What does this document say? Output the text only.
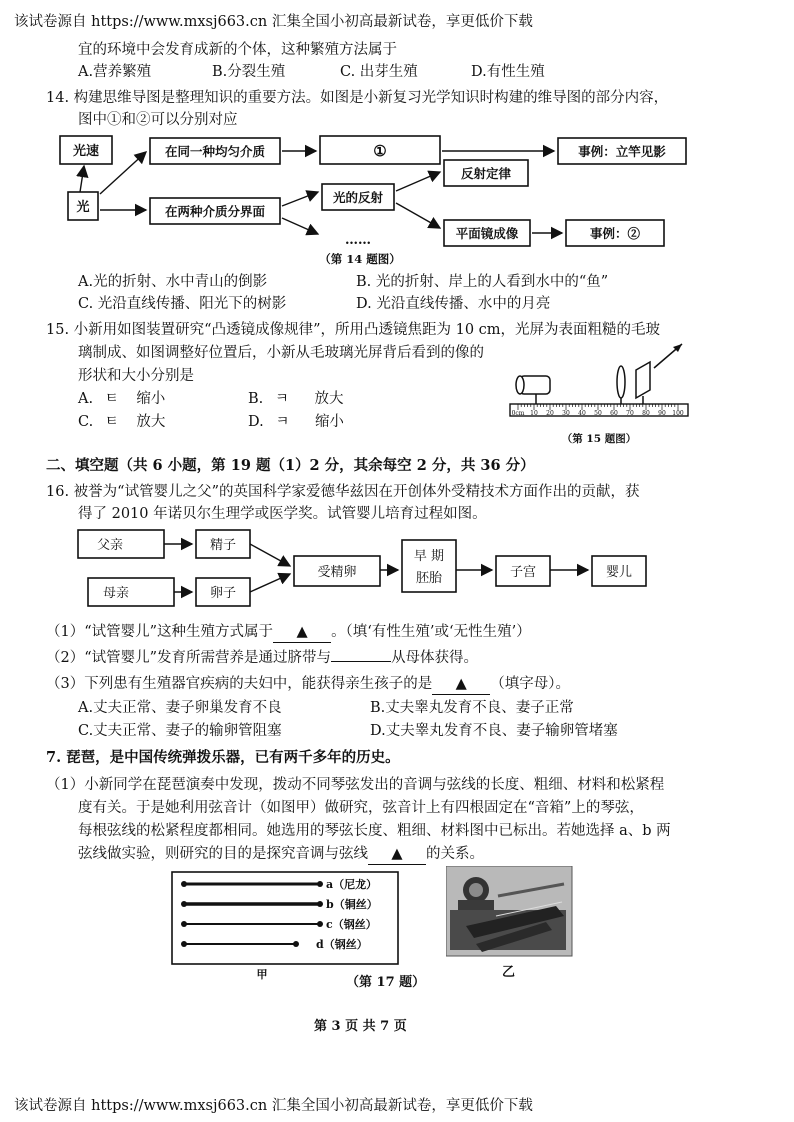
该试卷源自 https://www.mxsj663.cn 汇集全国小初高最新试卷，享更低价下载
宜的环境中会发育成新的个体，这种繁殖方法属于
A.营养繁殖	B.分裂生殖	C. 出芽生殖	D.有性生殖
14. 构建思维导图是整理知识的重要方法。如图是小新复习光学知识时构建的维导图的部分内容，
图中①和②可以分别对应
光速
光
在同一种均匀介质	①	事例：立竿见影
在两种介质分界面
光的反射
……
反射定律
平面镜成像	事例：②
（第 14 题图）
A.光的折射、水中青山的倒影	B. 光的折射、岸上的人看到水中的“鱼”
C. 光沿直线传播、阳光下的树影	D. 光沿直线传播、水中的月亮
15. 小新用如图装置研究“凸透镜成像规律”，所用凸透镜焦距为 10 cm，光屏为表面粗糙的毛玻
璃制成、如图调整好位置后，小新从毛玻璃光屏背后看到的像的
形状和大小分别是
A. ㅌ 缩小	B. ㅋ 放大
C. ㅌ 放大	D. ㅋ 缩小
0cm 10 20 30 40 50 60 70 80 90 100
（第 15 题图）
二、填空题（共 6 小题，第 19 题（1）2 分，其余每空 2 分，共 36 分）
16. 被誉为“试管婴儿之父”的英国科学家爱德华兹因在开创体外受精技术方面作出的贡献，获
得了 2010 年诺贝尔生理学或医学奖。试管婴儿培育过程如图。
父亲	精子
母亲	卵子
受精卵
早 期
胚胎	子宫	婴儿
（1）“试管婴儿”这种生殖方式属于 ▲ 。（填‘有性生殖’或‘无性生殖’）
（2）“试管婴儿”发育所需营养是通过脐带与	从母体获得。
（3）下列患有生殖器官疾病的夫妇中，能获得亲生孩子的是 ▲ （填字母）。
A.丈夫正常、妻子卵巢发育不良	B.丈夫睾丸发育不良、妻子正常
C.丈夫正常、妻子的输卵管阻塞	D.丈夫睾丸发育不良、妻子输卵管堵塞
7. 琵琶，是中国传统弹拨乐器，已有两千多年的历史。
（1）小新同学在琵琶演奏中发现，拨动不同琴弦发出的音调与弦线的长度、粗细、材料和松紧程
度有关。于是她利用弦音计（如图甲）做研究，弦音计上有四根固定在“音箱”上的琴弦，
每根弦线的松紧程度都相同。她选用的琴弦长度、粗细、材料图中已标出。若她选择 a、b 两
弦线做实验，则研究的目的是探究音调与弦线 ▲ 的关系。
a（尼龙）
b（铜丝）
c（钢丝）
d（钢丝）
甲	乙
（第 17 题）
第 3 页 共 7 页
该试卷源自 https://www.mxsj663.cn 汇集全国小初高最新试卷，享更低价下载
